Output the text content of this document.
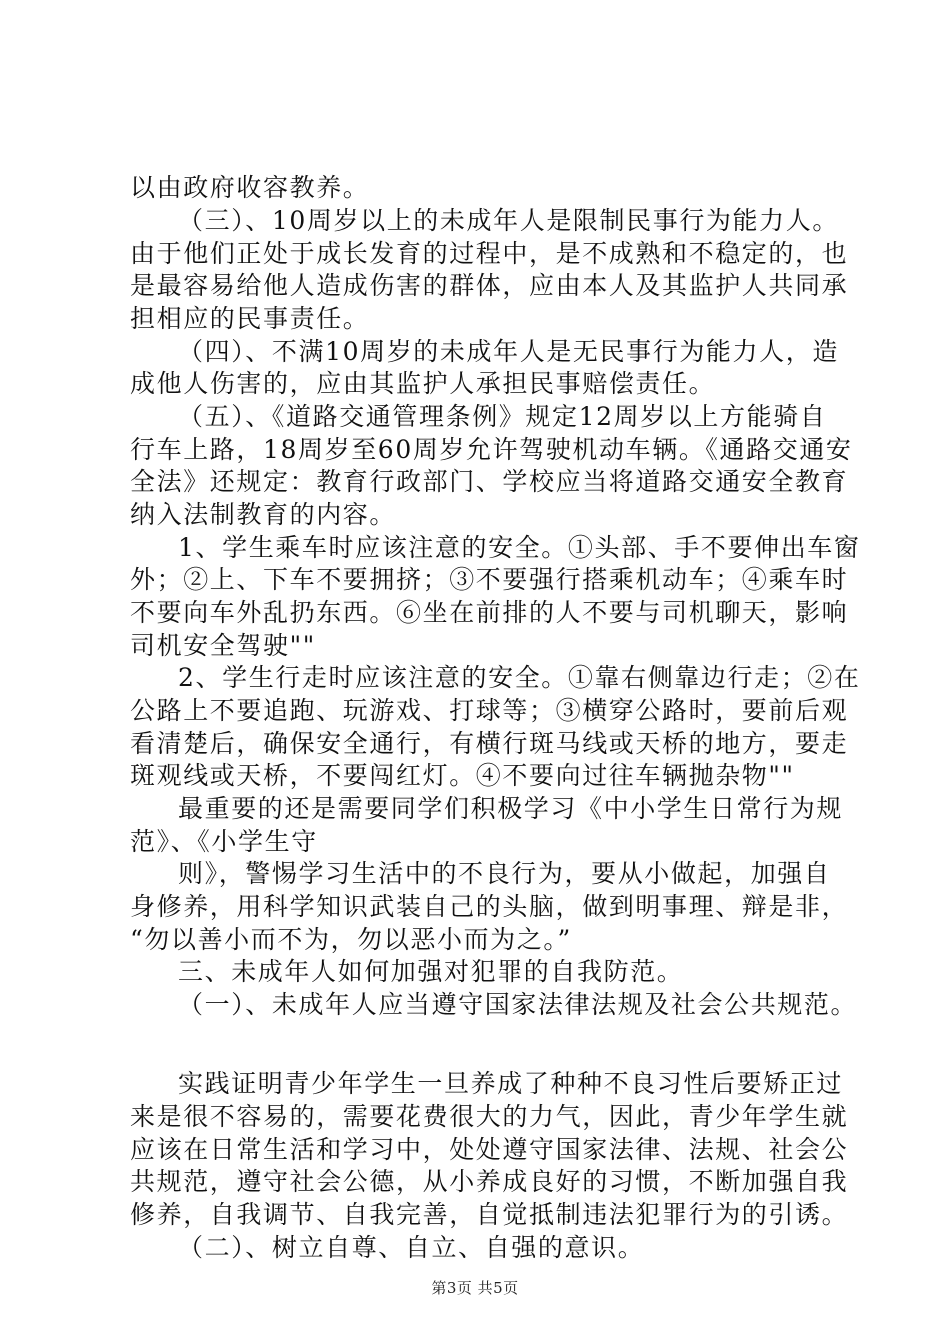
以由政府收容教养。
（三）、10周岁以上的未成年人是限制民事行为能力人。
由于他们正处于成长发育的过程中，是不成熟和不稳定的，也
是最容易给他人造成伤害的群体，应由本人及其监护人共同承
担相应的民事责任。
（四）、不满10周岁的未成年人是无民事行为能力人，造
成他人伤害的，应由其监护人承担民事赔偿责任。
（五）、《道路交通管理条例》规定12周岁以上方能骑自
行车上路，18周岁至60周岁允许驾驶机动车辆。《通路交通安
全法》还规定：教育行政部门、学校应当将道路交通安全教育
纳入法制教育的内容。
1、学生乘车时应该注意的安全。①头部、手不要伸出车窗
外；②上、下车不要拥挤；③不要强行搭乘机动车；④乘车时
不要向车外乱扔东西。⑥坐在前排的人不要与司机聊天，影响
司机安全驾驶""
2、学生行走时应该注意的安全。①靠右侧靠边行走；②在
公路上不要追跑、玩游戏、打球等；③横穿公路时，要前后观
看清楚后，确保安全通行，有横行斑马线或天桥的地方，要走
斑观线或天桥，不要闯红灯。④不要向过往车辆抛杂物""
最重要的还是需要同学们积极学习《中小学生日常行为规
范》、《小学生守
则》，警惕学习生活中的不良行为，要从小做起，加强自
身修养，用科学知识武装自己的头脑，做到明事理、辩是非，
“勿以善小而不为，勿以恶小而为之。”
三、未成年人如何加强对犯罪的自我防范。
（一）、未成年人应当遵守国家法律法规及社会公共规范。
实践证明青少年学生一旦养成了种种不良习性后要矫正过
来是很不容易的，需要花费很大的力气，因此，青少年学生就
应该在日常生活和学习中，处处遵守国家法律、法规、社会公
共规范，遵守社会公德，从小养成良好的习惯，不断加强自我
修养，自我调节、自我完善，自觉抵制违法犯罪行为的引诱。
（二）、树立自尊、自立、自强的意识。
第3页 共5页
